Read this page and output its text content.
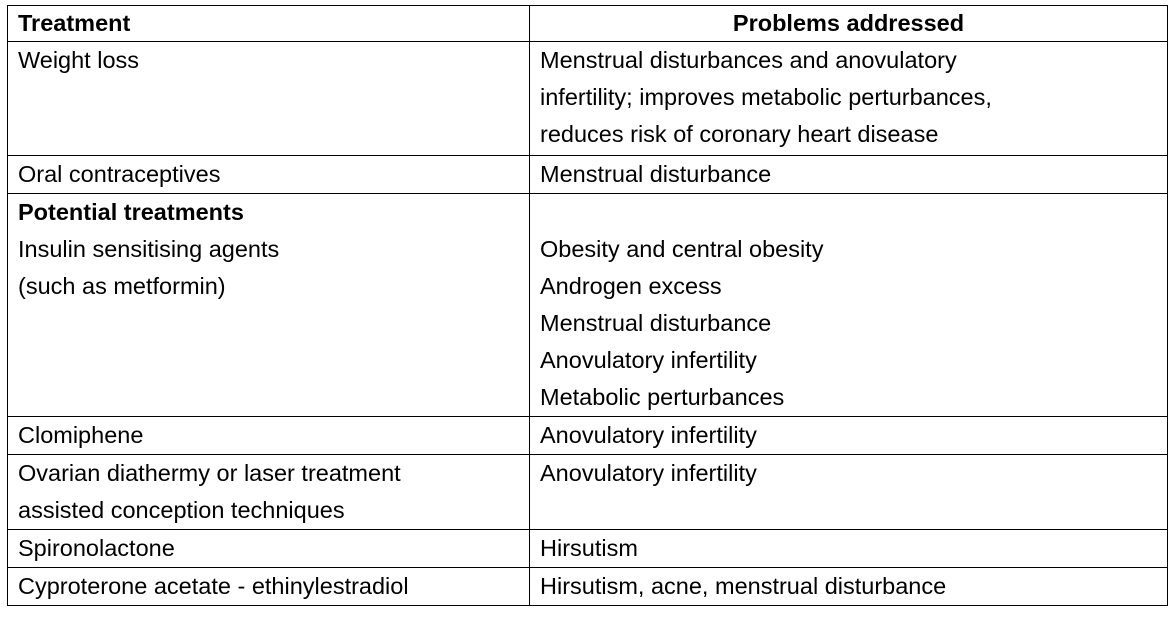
Treatment	Problems addressed

Weight loss	Menstrual disturbances and anovulatory
infertility; improves metabolic perturbances,
reduces risk of coronary heart disease

Oral contraceptives	Menstrual disturbance

Potential treatments
Insulin sensitising agents
(such as metformin)	Obesity and central obesity
Androgen excess
Menstrual disturbance
Anovulatory infertility
Metabolic perturbances

Clomiphene	Anovulatory infertility

Ovarian diathermy or laser treatment
assisted conception techniques	Anovulatory infertility

Spironolactone	Hirsutism

Cyproterone acetate - ethinylestradiol	Hirsutism, acne, menstrual disturbance
